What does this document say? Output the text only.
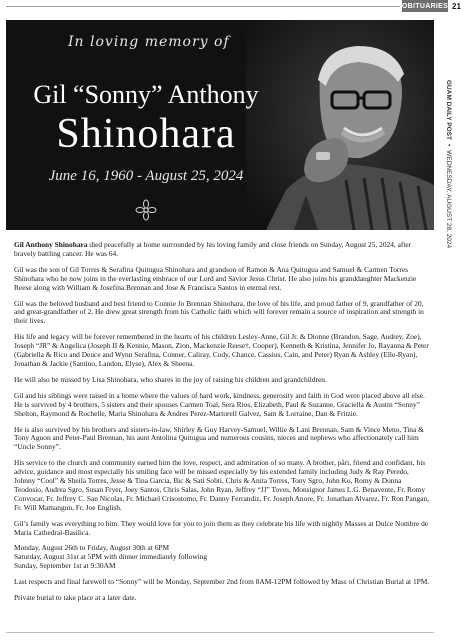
OBITUARIES 21
GUAM DAILY POST
•
WEDNESDAY, AUGUST 28, 2024
In loving memory of
Gil “Sonny” Anthony
Shinohara
June 16, 1960 - August 25, 2024

Gil Anthony Shinohara died peacefully at home surrounded by his loving family and close friends on Sunday, August 25, 2024, after bravely battling cancer. He was 64.

Gil was the son of Gil Torres & Serafina Quitugua Shinohara and grandson of Ramon & Ana Quitugua and Samuel & Carmen Torres Shinohara who he now joins in the everlasting embrace of our Lord and Savior Jesus Christ. He also joins his granddaughter Mackenzie Reese along with William & Josefina Brennan and Jose & Francisca Santos in eternal rest.

Gil was the beloved husband and best friend to Connie Jo Brennan Shinohara, the love of his life, and proud father of 9, grandfather of 20, and great-grandfather of 2. He drew great strength from his Catholic faith which will forever remain a source of inspiration and strength in their lives.

His life and legacy will be forever remembered in the hearts of his children Lesley-Anne, Gil Jr. & Dionne (Brandon, Sage, Audrey, Zoe), Joseph “JR” & Angelica (Joseph II & Kennie, Mason, Zion, Mackenzie Reese†, Cooper), Kenneth & Kristina, Jennifer Jo, Rayanna & Peter (Gabriella & Rico and Deuce and Wynn Serafina, Conner, Caliray, Cody, Chance, Cassius, Cain, and Peter) Ryan & Ashley (Elle-Ryan), Jonathan & Jackie (Santino, Landon, Elyse), Alex & Sheena.

He will also be missed by Lisa Shinohara, who shares in the joy of raising his children and grandchildren.

Gil and his siblings were raised in a home where the values of hard work, kindness, generosity and faith in God were placed above all else. He is survived by 4 brothers, 5 sisters and their spouses Carmen Toal, Sera Rios, Elizabeth, Paul & Suzanne, Graciella & Austin “Sonny” Shelton, Raymond & Rochelle, Maria Shinohara & Andres Perez-Martorell Galvez, Sam & Lorraine, Dan & Fritzie.

He is also survived by his brothers and sisters-in-law, Shirley & Guy Harvey-Samuel, Willie & Lani Brennan, Sam & Vince Meno, Tina & Tony Aguon and Peter-Paul Brennan, his aunt Antolina Quitugua and numerous cousins, nieces and nephews who affectionately call him “Uncle Sonny”.

His service to the church and community earned him the love, respect, and admiration of so many. A brother, påri, friend and confidant, his advice, guidance and most especially his smiling face will be missed especially by his extended family including Judy & Ray Peredo, Johnny “Cool” & Sheila Torres, Jesse & Tina Garcia, Bic & Sati Sobti, Chris & Anita Torres, Tony Sgro, John Ko, Romy & Donna Teodosio, Audrea Sgro, Susan Fryer, Joey Santos, Chris Salas, John Ryan, Jeffrey “JJ” Toves, Monsignor James L.G. Benavente, Fr. Romy Convocar, Fr. Jeffrey C. San Nicolas, Fr. Michael Crisostomo, Fr. Danny Ferrandiz, Fr. Joseph Anore, Fr. Jonathan Alvarez, Fr. Ron Pangan, Fr. Will Mamangun, Fr. Joe English.

Gil’s family was everything to him. They would love for you to join them as they celebrate his life with nightly Masses at Dulce Nombre de Maria Cathedral-Basilica.

Monday, August 26th to Friday, August 30th at 6PM

Saturday, August 31st at 5PM with dinner immediately following

Sunday, September 1st at 9:30AM

Last respects and final farewell to “Sonny” will be Monday, September 2nd from 8AM-12PM followed by Mass of Christian Burial at 1PM.

Private burial to take place at a later date.
